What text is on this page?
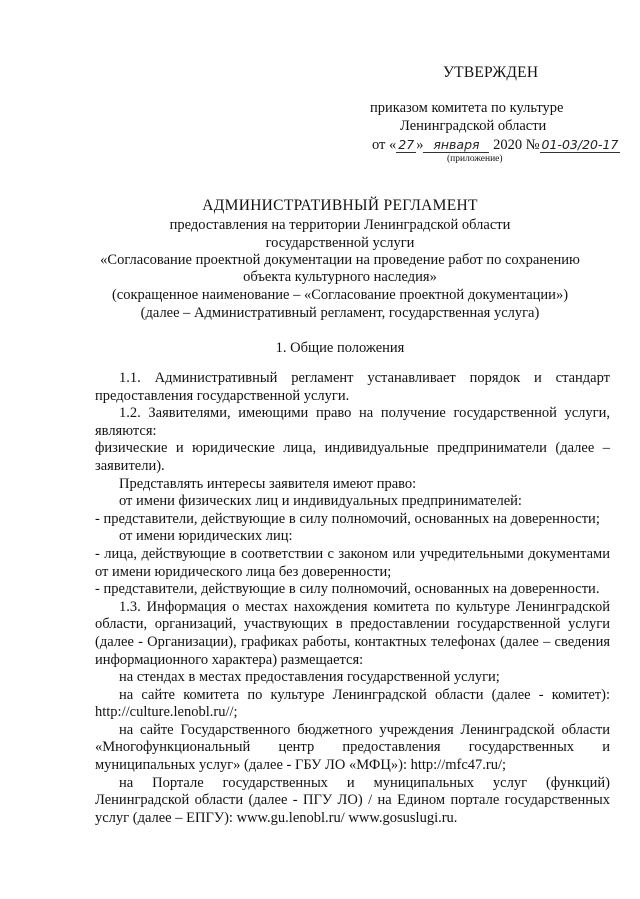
УТВЕРЖДЕН
приказом комитета по культуре
Ленинградской области
от « 27 » января 2020 № 01-03/20-17
(приложение)
АДМИНИСТРАТИВНЫЙ РЕГЛАМЕНТ
предоставления на территории Ленинградской области
государственной услуги
«Согласование проектной документации на проведение работ по сохранению
объекта культурного наследия»
(сокращенное наименование – «Согласование проектной документации»)
(далее – Административный регламент, государственная услуга)
1. Общие положения

1.1. Административный регламент устанавливает порядок и стандарт предоставления государственной услуги.

1.2. Заявителями, имеющими право на получение государственной услуги, являются:

физические и юридические лица, индивидуальные предприниматели (далее – заявители).

Представлять интересы заявителя имеют право:

от имени физических лиц и индивидуальных предпринимателей:

- представители, действующие в силу полномочий, основанных на доверенности;

от имени юридических лиц:

- лица, действующие в соответствии с законом или учредительными документами от имени юридического лица без доверенности;

- представители, действующие в силу полномочий, основанных на доверенности.

1.3. Информация о местах нахождения комитета по культуре Ленинградской области, организаций, участвующих в предоставлении государственной услуги (далее - Организации), графиках работы, контактных телефонах (далее – сведения информационного характера) размещается:

на стендах в местах предоставления государственной услуги;

на сайте комитета по культуре Ленинградской области (далее - комитет): http://culture.lenobl.ru//;

на сайте Государственного бюджетного учреждения Ленинградской области «Многофункциональный центр предоставления государственных и муниципальных услуг» (далее - ГБУ ЛО «МФЦ»): http://mfc47.ru/;

на Портале государственных и муниципальных услуг (функций) Ленинградской области (далее - ПГУ ЛО) / на Едином портале государственных услуг (далее – ЕПГУ): www.gu.lenobl.ru/ www.gosuslugi.ru.
